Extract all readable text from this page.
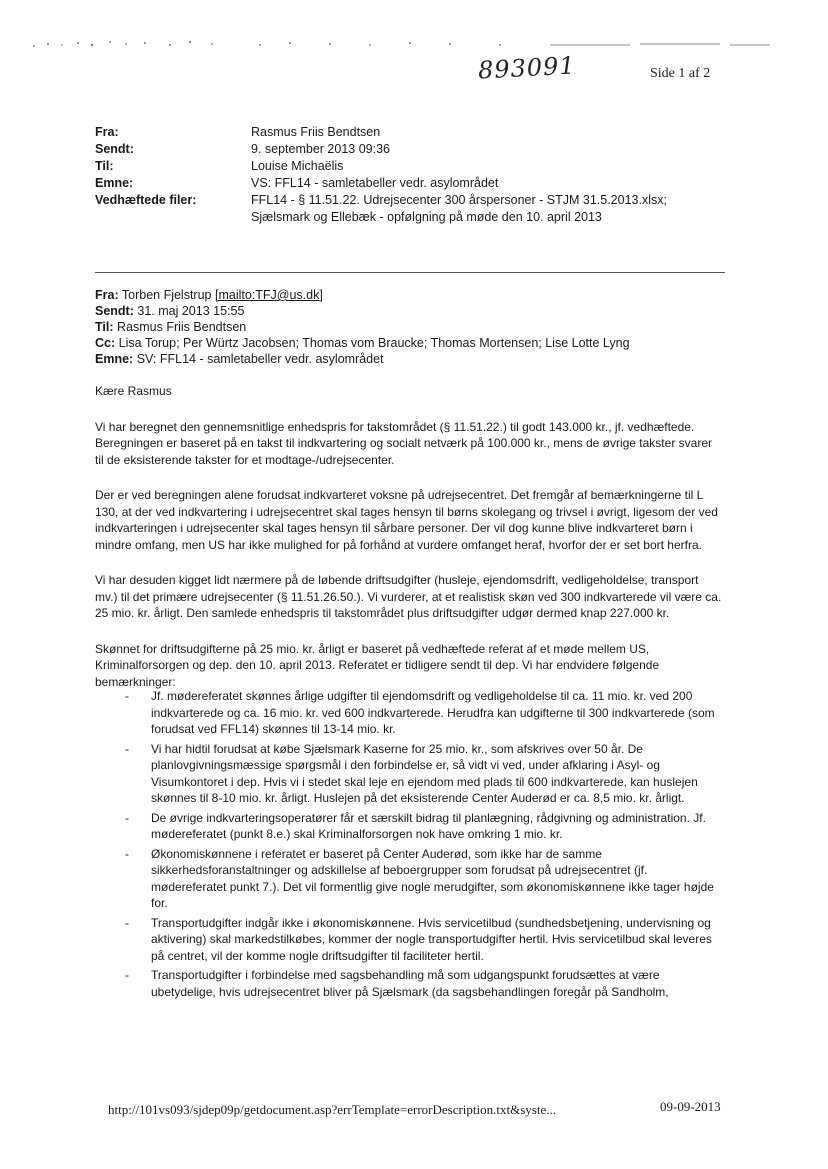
893091	Side 1 af 2
Fra:	Rasmus Friis Bendtsen
Sendt:	9. september 2013 09:36
Til:	Louise Michaëlis
Emne:	VS: FFL14 - samletabeller vedr. asylområdet
Vedhæftede filer:	FFL14 - § 11.51.22. Udrejsecenter 300 årspersoner - STJM 31.5.2013.xlsx;
Sjælsmark og Ellebæk - opfølgning på møde den 10. april 2013
Fra: Torben Fjelstrup [mailto:TFJ@us.dk]
Sendt: 31. maj 2013 15:55
Til: Rasmus Friis Bendtsen
Cc: Lisa Torup; Per Würtz Jacobsen; Thomas vom Braucke; Thomas Mortensen; Lise Lotte Lyng
Emne: SV: FFL14 - samletabeller vedr. asylområdet

Kære Rasmus

Vi har beregnet den gennemsnitlige enhedspris for takstområdet (§ 11.51.22.) til godt 143.000 kr., jf. vedhæftede. Beregningen er baseret på en takst til indkvartering og socialt netværk på 100.000 kr., mens de øvrige takster svarer til de eksisterende takster for et modtage-/udrejsecenter.

Der er ved beregningen alene forudsat indkvarteret voksne på udrejsecentret. Det fremgår af bemærkningerne til L 130, at der ved indkvartering i udrejsecentret skal tages hensyn til børns skolegang og trivsel i øvrigt, ligesom der ved indkvarteringen i udrejsecenter skal tages hensyn til sårbare personer. Der vil dog kunne blive indkvarteret børn i mindre omfang, men US har ikke mulighed for på forhånd at vurdere omfanget heraf, hvorfor der er set bort herfra.

Vi har desuden kigget lidt nærmere på de løbende driftsudgifter (husleje, ejendomsdrift, vedligeholdelse, transport mv.) til det primære udrejsecenter (§ 11.51.26.50.). Vi vurderer, at et realistisk skøn ved 300 indkvarterede vil være ca. 25 mio. kr. årligt. Den samlede enhedspris til takstområdet plus driftsudgifter udgør dermed knap 227.000 kr.

Skønnet for driftsudgifterne på 25 mio. kr. årligt er baseret på vedhæftede referat af et møde mellem US, Kriminalforsorgen og dep. den 10. april 2013. Referatet er tidligere sendt til dep. Vi har endvidere følgende bemærkninger:

- Jf. mødereferatet skønnes årlige udgifter til ejendomsdrift og vedligeholdelse til ca. 11 mio. kr. ved 200 indkvarterede og ca. 16 mio. kr. ved 600 indkvarterede. Herudfra kan udgifterne til 300 indkvarterede (som forudsat ved FFL14) skønnes til 13-14 mio. kr.
- Vi har hidtil forudsat at købe Sjælsmark Kaserne for 25 mio. kr., som afskrives over 50 år. De planlovgivningsmæssige spørgsmål i den forbindelse er, så vidt vi ved, under afklaring i Asyl- og Visumkontoret i dep. Hvis vi i stedet skal leje en ejendom med plads til 600 indkvarterede, kan huslejen skønnes til 8-10 mio. kr. årligt. Huslejen på det eksisterende Center Auderød er ca. 8,5 mio. kr. årligt.
- De øvrige indkvarteringsoperatører får et særskilt bidrag til planlægning, rådgivning og administration. Jf. mødereferatet (punkt 8.e.) skal Kriminalforsorgen nok have omkring 1 mio. kr.
- Økonomiskønnene i referatet er baseret på Center Auderød, som ikke har de samme sikkerhedsforanstaltninger og adskillelse af beboergrupper som forudsat på udrejsecentret (jf. mødereferatet punkt 7.). Det vil formentlig give nogle merudgifter, som økonomiskønnene ikke tager højde for.
- Transportudgifter indgår ikke i økonomiskønnene. Hvis servicetilbud (sundhedsbetjening, undervisning og aktivering) skal markedstilkøbes, kommer der nogle transportudgifter hertil. Hvis servicetilbud skal leveres på centret, vil der komme nogle driftsudgifter til faciliteter hertil.
- Transportudgifter i forbindelse med sagsbehandling må som udgangspunkt forudsættes at være ubetydelige, hvis udrejsecentret bliver på Sjælsmark (da sagsbehandlingen foregår på Sandholm,
http://101vs093/sjdep09p/getdocument.asp?errTemplate=errorDescription.txt&syste...	09-09-2013
